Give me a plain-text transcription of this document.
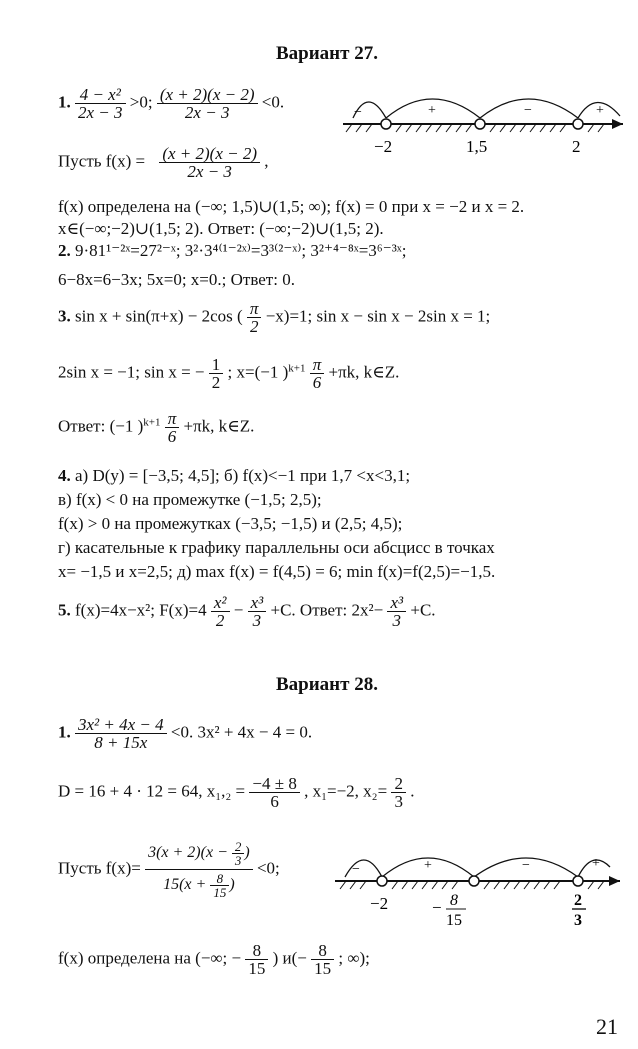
Вариант 27.
1. $\frac{\text{4 − x²}}{2x - 3} >0$; $\frac{(x + 2)(x - 2)}{2x - 3} <0$.
−	+	−	+
−2	1,5	2
Пусть $f(x) = \frac{(x + 2)(x - 2)}{2x - 3}$ ,
f(x) определена на (−∞; 1,5)∪(1,5; ∞); f(x) = 0 при x = −2 и x = 2.
x∈(−∞;−2)∪(1,5; 2). Ответ: (−∞;−2)∪(1,5; 2).
2. 9·81¹⁻²ˣ=27²⁻ˣ; 3²·3⁴⁽¹⁻²ˣ⁾=3³⁽²⁻ˣ⁾; 3²⁺⁴⁻⁸ˣ=3⁶⁻³ˣ;
6−8x=6−3x; 5x=0; x=0.; Ответ: 0.
3. sin x + sin(π+x) − 2cos ( $\frac{\pi}{2} -x)=1$; sin x − sin x − 2sin x = 1;
2sin x = −1; sin x = − $\frac{1}{2}$ ; x=(−1 )$^{k+1} \frac{\pi}{6} +\pi k$, k∈Z.
Ответ: (−1 )$^{k+1} \frac{\pi}{6} +\pi k$, k∈Z.
4. а) D(y) = [−3,5; 4,5]; б) f(x)<−1 при 1,7 <x<3,1;
в) f(x) < 0 на промежутке (−1,5; 2,5);
f(x) > 0 на промежутках (−3,5; −1,5) и (2,5; 4,5);
г) касательные к графику параллельны оси абсцисс в точках
x= −1,5 и x=2,5; д) max f(x) = f(4,5) = 6; min f(x)=f(2,5)=−1,5.
5. f(x)=4x−x²; $F(x)=4 \frac{\text{x²}}{2} - \frac{\text{x³}}{3} +C$. Ответ: $2x^2- \frac{\text{x³}}{3} +C$.
Вариант 28.
1. $\frac{\text{3x² + 4x − 4}}{8 + 15x} <0$. 3x² + 4x − 4 = 0.
D = 16 + 4 · 12 = 64, $x_1,_2 = \frac{-4 \pm 8}{6}$ , x₁=−2, $x_2= \frac{2}{3}$ .
Пусть $f(x)= \frac{3(x + 2)(x - \frac{2}{3} )}{15(x + \frac{8}{15} )} <0$;	−	+	−	+
−2	− 8
15
2
3
f(x) определена на (−∞; − $\frac{8}{15}$ ) $и(- \frac{8}{15}$ ; ∞);
21
